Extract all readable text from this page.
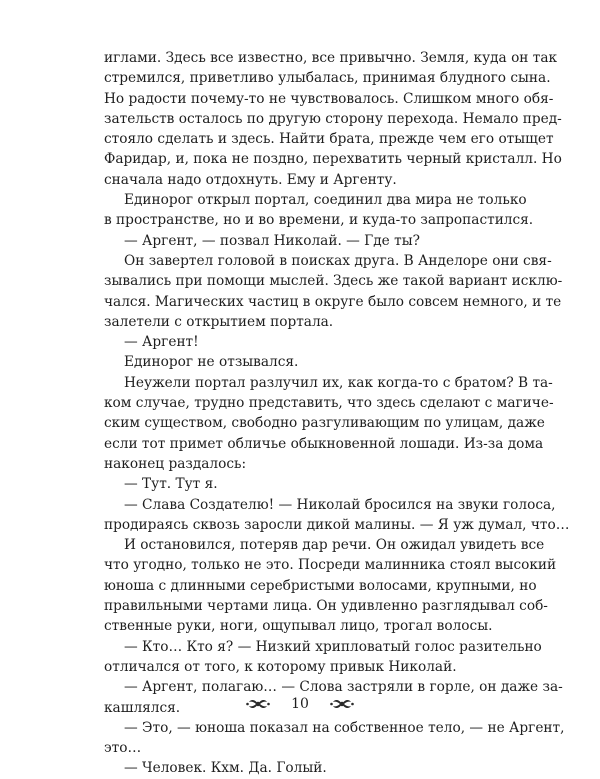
иглами. Здесь все известно, все привычно. Земля, куда он так
стремился, приветливо улыбалась, принимая блудного сына.
Но радости почему-то не чувствовалось. Слишком много обя-
зательств осталось по другую сторону перехода. Немало пред-
стояло сделать и здесь. Найти брата, прежде чем его отыщет
Фаридар, и, пока не поздно, перехватить черный кристалл. Но
сначала надо отдохнуть. Ему и Аргенту.
Единорог открыл портал, соединил два мира не только
в пространстве, но и во времени, и куда-то запропастился.
— Аргент, — позвал Николай. — Где ты?
Он завертел головой в поисках друга. В Анделоре они свя-
зывались при помощи мыслей. Здесь же такой вариант исклю-
чался. Магических частиц в округе было совсем немного, и те
залетели с открытием портала.
— Аргент!
Единорог не отзывался.
Неужели портал разлучил их, как когда-то с братом? В та-
ком случае, трудно представить, что здесь сделают с магиче-
ским существом, свободно разгуливающим по улицам, даже
если тот примет обличье обыкновенной лошади. Из-за дома
наконец раздалось:
— Тут. Тут я.
— Слава Создателю! — Николай бросился на звуки голоса,
продираясь сквозь заросли дикой малины. — Я уж думал, что…
И остановился, потеряв дар речи. Он ожидал увидеть все
что угодно, только не это. Посреди малинника стоял высокий
юноша с длинными серебристыми волосами, крупными, но
правильными чертами лица. Он удивленно разглядывал соб-
ственные руки, ноги, ощупывал лицо, трогал волосы.
— Кто… Кто я? — Низкий хрипловатый голос разительно
отличался от того, к которому привык Николай.
— Аргент, полагаю… — Слова застряли в горле, он даже за-
кашлялся.
— Это, — юноша показал на собственное тело, — не Аргент,
это…
— Человек. Кхм. Да. Голый.
10
